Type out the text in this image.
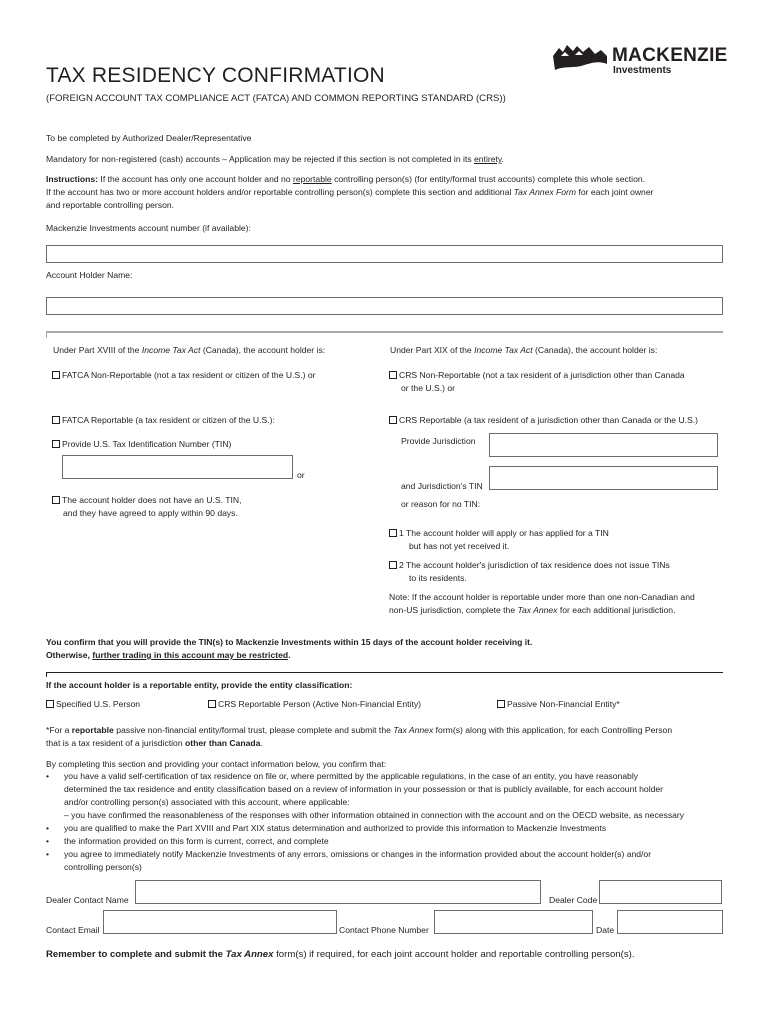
TAX RESIDENCY CONFIRMATION
(FOREIGN ACCOUNT TAX COMPLIANCE ACT (FATCA) AND COMMON REPORTING STANDARD (CRS))
MACKENZIE
Investments
To be completed by Authorized Dealer/Representative
Mandatory for non-registered (cash) accounts – Application may be rejected if this section is not completed in its entirety.
Instructions: If the account has only one account holder and no reportable controlling person(s) (for entity/formal trust accounts) complete this whole section.
If the account has two or more account holders and/or reportable controlling person(s) complete this section and additional Tax Annex Form for each joint owner
and reportable controlling person.
Mackenzie Investments account number (if available):
Account Holder Name:
Under Part XVIII of the Income Tax Act (Canada), the account holder is:
FATCA Non-Reportable (not a tax resident or citizen of the U.S.) or
FATCA Reportable (a tax resident or citizen of the U.S.):
Provide U.S. Tax Identification Number (TIN)
or
The account holder does not have an U.S. TIN,
and they have agreed to apply within 90 days.
Under Part XIX of the Income Tax Act (Canada), the account holder is:
CRS Non-Reportable (not a tax resident of a jurisdiction other than Canada
or the U.S.) or
CRS Reportable (a tax resident of a jurisdiction other than Canada or the U.S.)
Provide Jurisdiction
and Jurisdiction's TIN
or reason for no TIN:
1 The account holder will apply or has applied for a TIN
but has not yet received it.
2 The account holder's jurisdiction of tax residence does not issue TINs
to its residents.
Note: If the account holder is reportable under more than one non-Canadian and
non-US jurisdiction, complete the Tax Annex for each additional jurisdiction.
You confirm that you will provide the TIN(s) to Mackenzie Investments within 15 days of the account holder receiving it.
Otherwise, further trading in this account may be restricted.
If the account holder is a reportable entity, provide the entity classification:
Specified U.S. Person	CRS Reportable Person (Active Non-Financial Entity)	Passive Non-Financial Entity*
*For a reportable passive non-financial entity/formal trust, please complete and submit the Tax Annex form(s) along with this application, for each Controlling Person
that is a tax resident of a jurisdiction other than Canada.
By completing this section and providing your contact information below, you confirm that:
• you have a valid self-certification of tax residence on file or, where permitted by the applicable regulations, in the case of an entity, you have reasonably
determined the tax residence and entity classification based on a review of information in your possession or that is publicly available, for each account holder
and/or controlling person(s) associated with this account, where applicable:
– you have confirmed the reasonableness of the responses with other information obtained in connection with the account and on the OECD website, as necessary
• you are qualified to make the Part XVIII and Part XIX status determination and authorized to provide this information to Mackenzie Investments
• the information provided on this form is current, correct, and complete
• you agree to immediately notify Mackenzie Investments of any errors, omissions or changes in the information provided about the account holder(s) and/or
controlling person(s)
Dealer Contact Name	Dealer Code
Contact Email	Contact Phone Number	Date
Remember to complete and submit the Tax Annex form(s) if required, for each joint account holder and reportable controlling person(s).
